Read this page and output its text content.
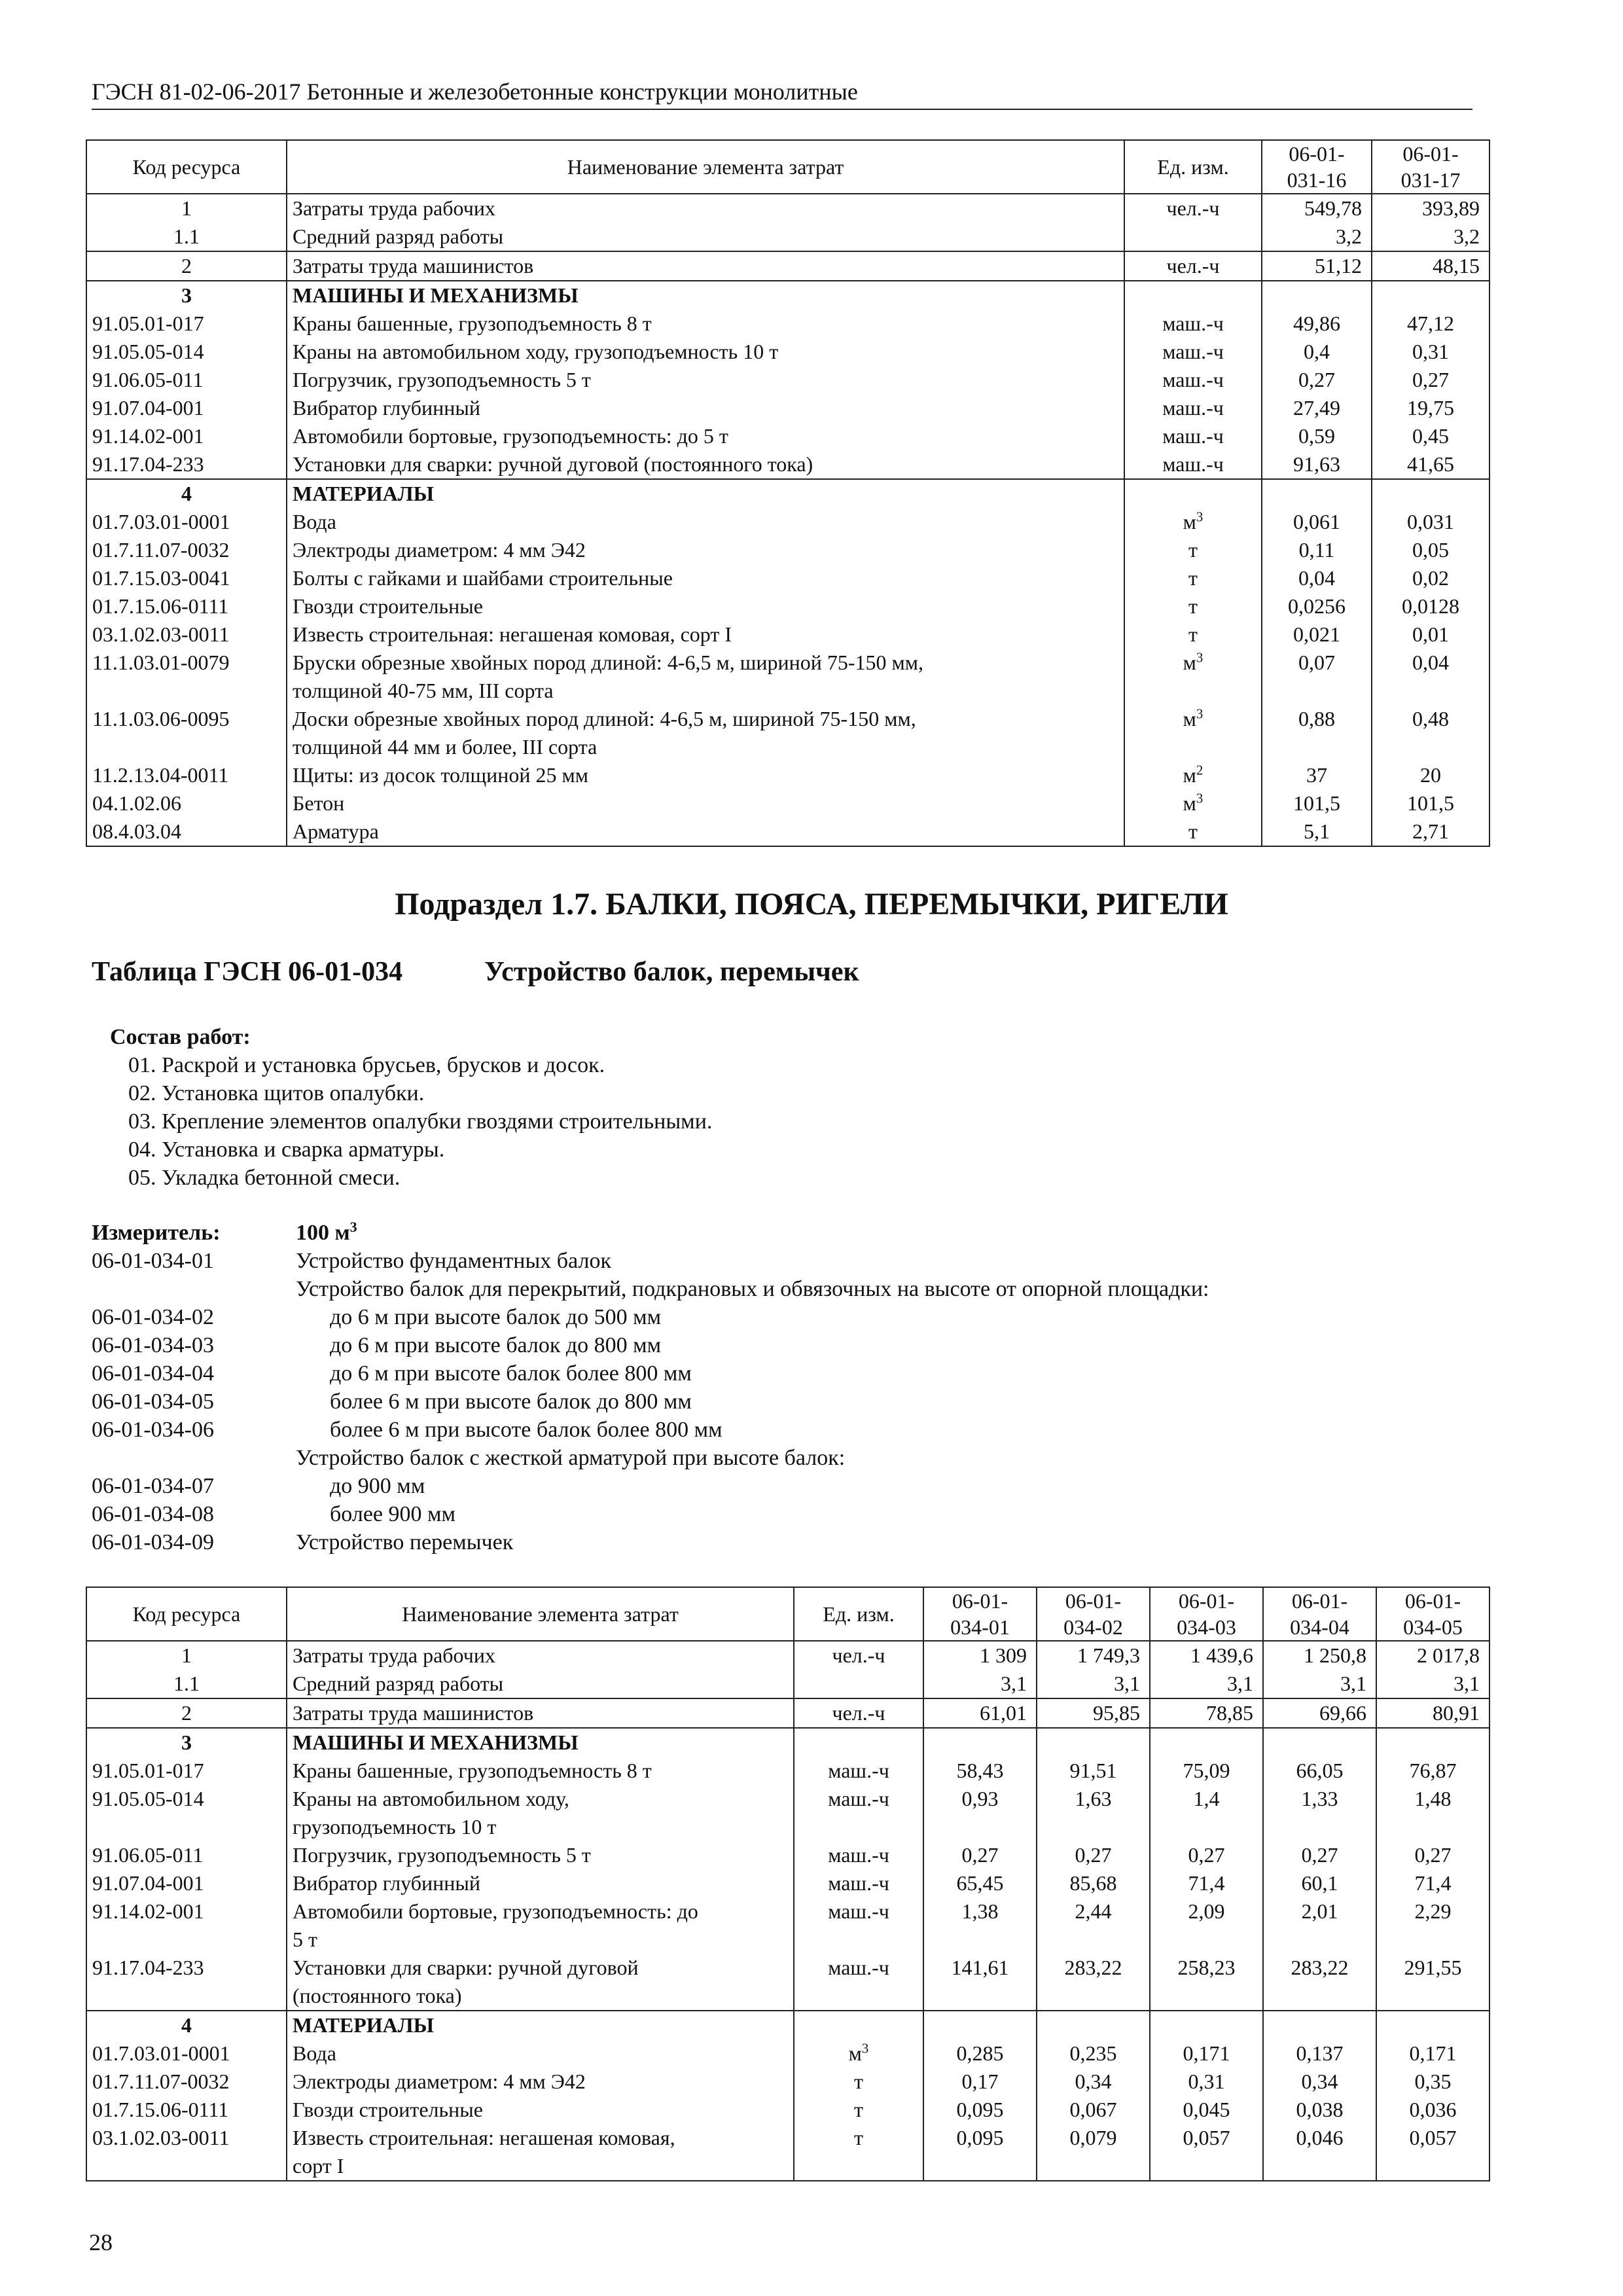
ГЭСН 81-02-06-2017 Бетонные и железобетонные конструкции монолитные
Код ресурса	Наименование элемента затрат	Ед. изм.	06-01-
031-16	06-01-
031-17
1	Затраты труда рабочих	чел.-ч	549,78	393,89
1.1	Средний разряд работы		3,2	3,2
2	Затраты труда машинистов	чел.-ч	51,12	48,15
3	МАШИНЫ И МЕХАНИЗМЫ			
91.05.01-017	Краны башенные, грузоподъемность 8 т	маш.-ч	49,86	47,12
91.05.05-014	Краны на автомобильном ходу, грузоподъемность 10 т	маш.-ч	0,4	0,31
91.06.05-011	Погрузчик, грузоподъемность 5 т	маш.-ч	0,27	0,27
91.07.04-001	Вибратор глубинный	маш.-ч	27,49	19,75
91.14.02-001	Автомобили бортовые, грузоподъемность: до 5 т	маш.-ч	0,59	0,45
91.17.04-233	Установки для сварки: ручной дуговой (постоянного тока)	маш.-ч	91,63	41,65
4	МАТЕРИАЛЫ			
01.7.03.01-0001	Вода	$м^3$	0,061	0,031
01.7.11.07-0032	Электроды диаметром: 4 мм Э42	т	0,11	0,05
01.7.15.03-0041	Болты с гайками и шайбами строительные	т	0,04	0,02
01.7.15.06-0111	Гвозди строительные	т	0,0256	0,0128
03.1.02.03-0011	Известь строительная: негашеная комовая, сорт I	т	0,021	0,01
11.1.03.01-0079	Бруски обрезные хвойных пород длиной: 4-6,5 м, шириной 75-150 мм,
толщиной 40-75 мм, III сорта	$м^3$	0,07	0,04
11.1.03.06-0095	Доски обрезные хвойных пород длиной: 4-6,5 м, шириной 75-150 мм,
толщиной 44 мм и более, III сорта	$м^3$	0,88	0,48
11.2.13.04-0011	Щиты: из досок толщиной 25 мм	$м^2$	37	20
04.1.02.06	Бетон	$м^3$	101,5	101,5
08.4.03.04	Арматура	т	5,1	2,71
Подраздел 1.7. БАЛКИ, ПОЯСА, ПЕРЕМЫЧКИ, РИГЕЛИ
Таблица ГЭСН 06-01-034	Устройство балок, перемычек
Состав работ:
01. Раскрой и установка брусьев, брусков и досок.
02. Установка щитов опалубки.
03. Крепление элементов опалубки гвоздями строительными.
04. Установка и сварка арматуры.
05. Укладка бетонной смеси.
Измеритель:	100 $м^3$
06-01-034-01	Устройство фундаментных балок
Устройство балок для перекрытий, подкрановых и обвязочных на высоте от опорной площадки:
06-01-034-02	до 6 м при высоте балок до 500 мм
06-01-034-03	до 6 м при высоте балок до 800 мм
06-01-034-04	до 6 м при высоте балок более 800 мм
06-01-034-05	более 6 м при высоте балок до 800 мм
06-01-034-06	более 6 м при высоте балок более 800 мм
Устройство балок с жесткой арматурой при высоте балок:
06-01-034-07	до 900 мм
06-01-034-08	более 900 мм
06-01-034-09	Устройство перемычек
Код ресурса	Наименование элемента затрат	Ед. изм.	06-01-
034-01	06-01-
034-02	06-01-
034-03	06-01-
034-04	06-01-
034-05
1	Затраты труда рабочих	чел.-ч	1 309	1 749,3	1 439,6	1 250,8	2 017,8
1.1	Средний разряд работы		3,1	3,1	3,1	3,1	3,1
2	Затраты труда машинистов	чел.-ч	61,01	95,85	78,85	69,66	80,91
3	МАШИНЫ И МЕХАНИЗМЫ						
91.05.01-017	Краны башенные, грузоподъемность 8 т	маш.-ч	58,43	91,51	75,09	66,05	76,87
91.05.05-014	Краны на автомобильном ходу,
грузоподъемность 10 т	маш.-ч	0,93	1,63	1,4	1,33	1,48
91.06.05-011	Погрузчик, грузоподъемность 5 т	маш.-ч	0,27	0,27	0,27	0,27	0,27
91.07.04-001	Вибратор глубинный	маш.-ч	65,45	85,68	71,4	60,1	71,4
91.14.02-001	Автомобили бортовые, грузоподъемность: до
5 т	маш.-ч	1,38	2,44	2,09	2,01	2,29
91.17.04-233	Установки для сварки: ручной дуговой
(постоянного тока)	маш.-ч	141,61	283,22	258,23	283,22	291,55
4	МАТЕРИАЛЫ						
01.7.03.01-0001	Вода	$м^3$	0,285	0,235	0,171	0,137	0,171
01.7.11.07-0032	Электроды диаметром: 4 мм Э42	т	0,17	0,34	0,31	0,34	0,35
01.7.15.06-0111	Гвозди строительные	т	0,095	0,067	0,045	0,038	0,036
03.1.02.03-0011	Известь строительная: негашеная комовая,
сорт I	т	0,095	0,079	0,057	0,046	0,057
28
